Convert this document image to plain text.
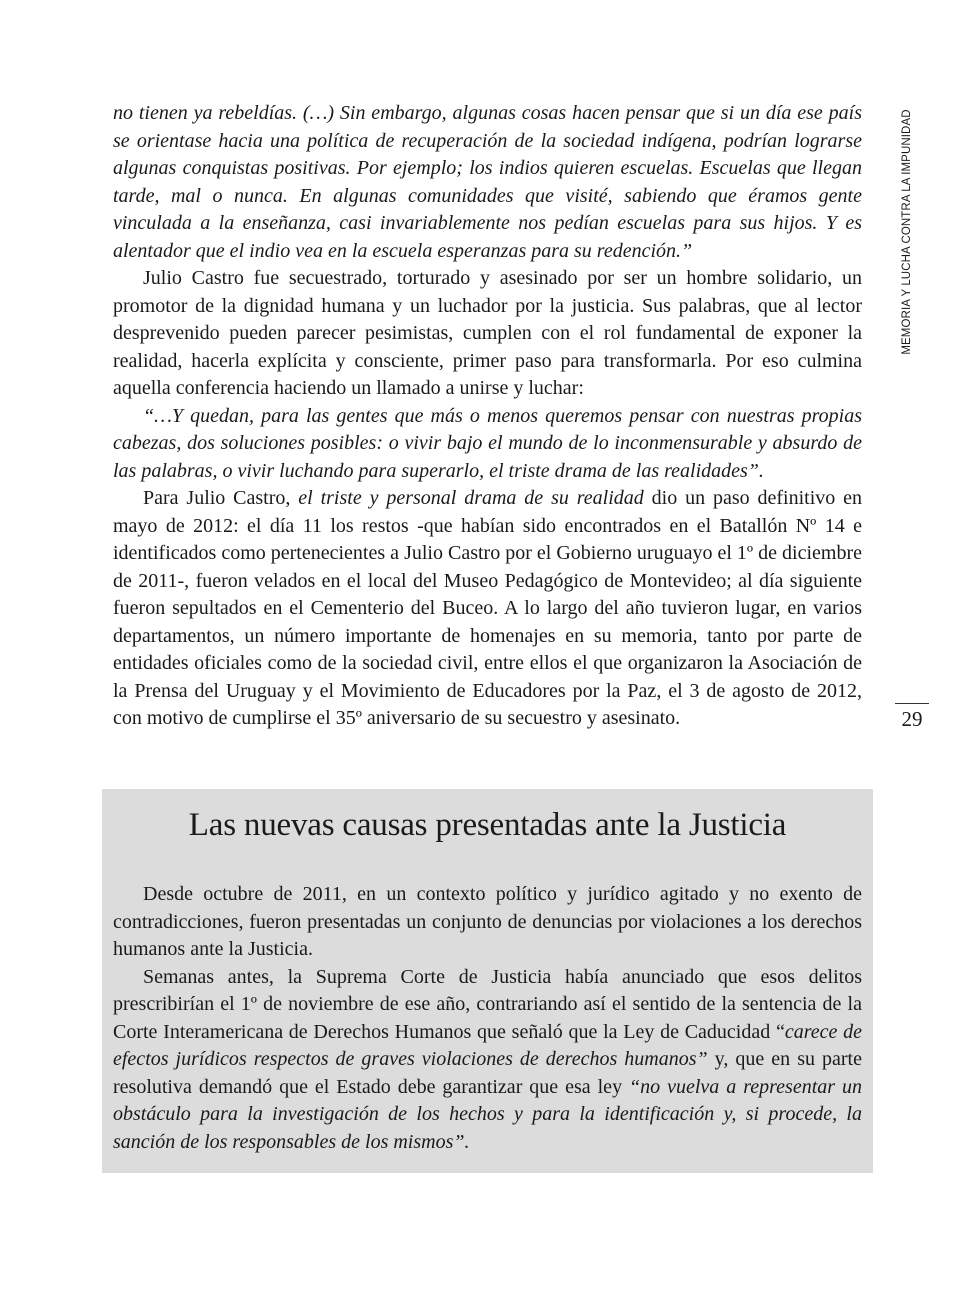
no tienen ya rebeldías. (…) Sin embargo, algunas cosas hacen pensar que si un día ese país se orientase hacia una política de recuperación de la sociedad indígena, podrían lograrse algunas conquistas positivas. Por ejemplo; los indios quieren escuelas. Escuelas que llegan tarde, mal o nunca. En algunas comunidades que visité, sabiendo que éramos gente vinculada a la enseñanza, casi invariablemente nos pedían escuelas para sus hijos. Y es alentador que el indio vea en la escuela esperanzas para su redención.”

Julio Castro fue secuestrado, torturado y asesinado por ser un hombre solidario, un promotor de la dignidad humana y un luchador por la justicia. Sus palabras, que al lector desprevenido pueden parecer pesimistas, cumplen con el rol fundamental de exponer la realidad, hacerla explícita y consciente, primer paso para transformarla. Por eso culmina aquella conferencia haciendo un llamado a unirse y luchar:

“…Y quedan, para las gentes que más o menos queremos pensar con nuestras propias cabezas, dos soluciones posibles: o vivir bajo el mundo de lo inconmensurable y absurdo de las palabras, o vivir luchando para superarlo, el triste drama de las realidades”.

Para Julio Castro, el triste y personal drama de su realidad dio un paso definitivo en mayo de 2012: el día 11 los restos -que habían sido encontrados en el Batallón Nº 14 e identificados como pertenecientes a Julio Castro por el Gobierno uruguayo el 1º de diciembre de 2011-, fueron velados en el local del Museo Pedagógico de Montevideo; al día siguiente fueron sepultados en el Cementerio del Buceo. A lo largo del año tuvieron lugar, en varios departamentos, un número importante de homenajes en su memoria, tanto por parte de entidades oficiales como de la sociedad civil, entre ellos el que organizaron la Asociación de la Prensa del Uruguay y el Movimiento de Educadores por la Paz, el 3 de agosto de 2012, con motivo de cumplirse el 35º aniversario de su secuestro y asesinato.

MEMORIA Y LUCHA CONTRA LA IMPUNIDAD
29
Las nuevas causas presentadas ante la Justicia

Desde octubre de 2011, en un contexto político y jurídico agitado y no exento de contradicciones, fueron presentadas un conjunto de denuncias por violaciones a los derechos humanos ante la Justicia.

Semanas antes, la Suprema Corte de Justicia había anunciado que esos delitos prescribirían el 1º de noviembre de ese año, contrariando así el sentido de la sentencia de la Corte Interamericana de Derechos Humanos que señaló que la Ley de Caducidad “carece de efectos jurídicos respectos de graves violaciones de derechos humanos” y, que en su parte resolutiva demandó que el Estado debe garantizar que esa ley “no vuelva a representar un obstáculo para la investigación de los hechos y para la identificación y, si procede, la sanción de los responsables de los mismos”.
